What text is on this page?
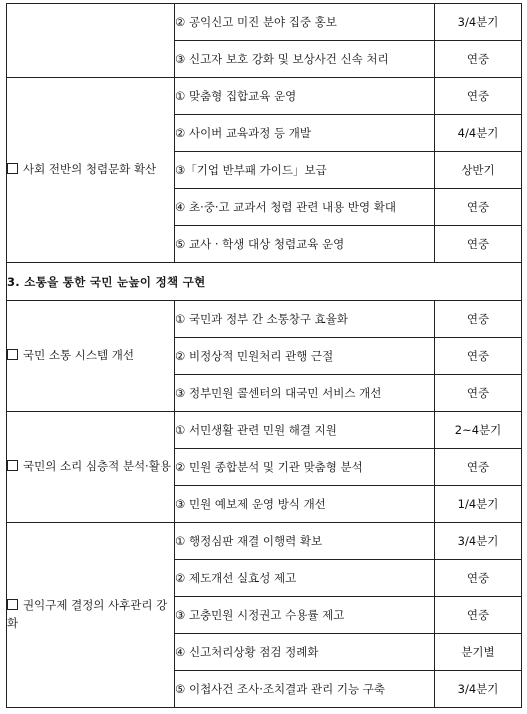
	② 공익신고 미진 분야 집중 홍보	3/4분기
	③ 신고자 보호 강화 및 보상사건 신속 처리	연중
사회 전반의 청렴문화 확산	① 맞춤형 집합교육 운영	연중
	② 사이버 교육과정 등 개발	4/4분기
	③「기업 반부패 가이드」보급	상반기
	④ 초·중·고 교과서 청렴 관련 내용 반영 확대	연중
	⑤ 교사 · 학생 대상 청렴교육 운영	연중
3. 소통을 통한 국민 눈높이 정책 구현		
국민 소통 시스템 개선	① 국민과 정부 간 소통창구 효율화	연중
	② 비정상적 민원처리 관행 근절	연중
	③ 정부민원 콜센터의 대국민 서비스 개선	연중
국민의 소리 심층적 분석·활용	① 서민생활 관련 민원 해결 지원	2~4분기
	② 민원 종합분석 및 기관 맞춤형 분석	연중
	③ 민원 예보제 운영 방식 개선	1/4분기
권익구제 결정의 사후관리 강화	① 행정심판 재결 이행력 확보	3/4분기
	② 제도개선 실효성 제고	연중
	③ 고충민원 시정권고 수용률 제고	연중
	④ 신고처리상황 점검 정례화	분기별
	⑤ 이첩사건 조사·조치결과 관리 기능 구축	3/4분기
